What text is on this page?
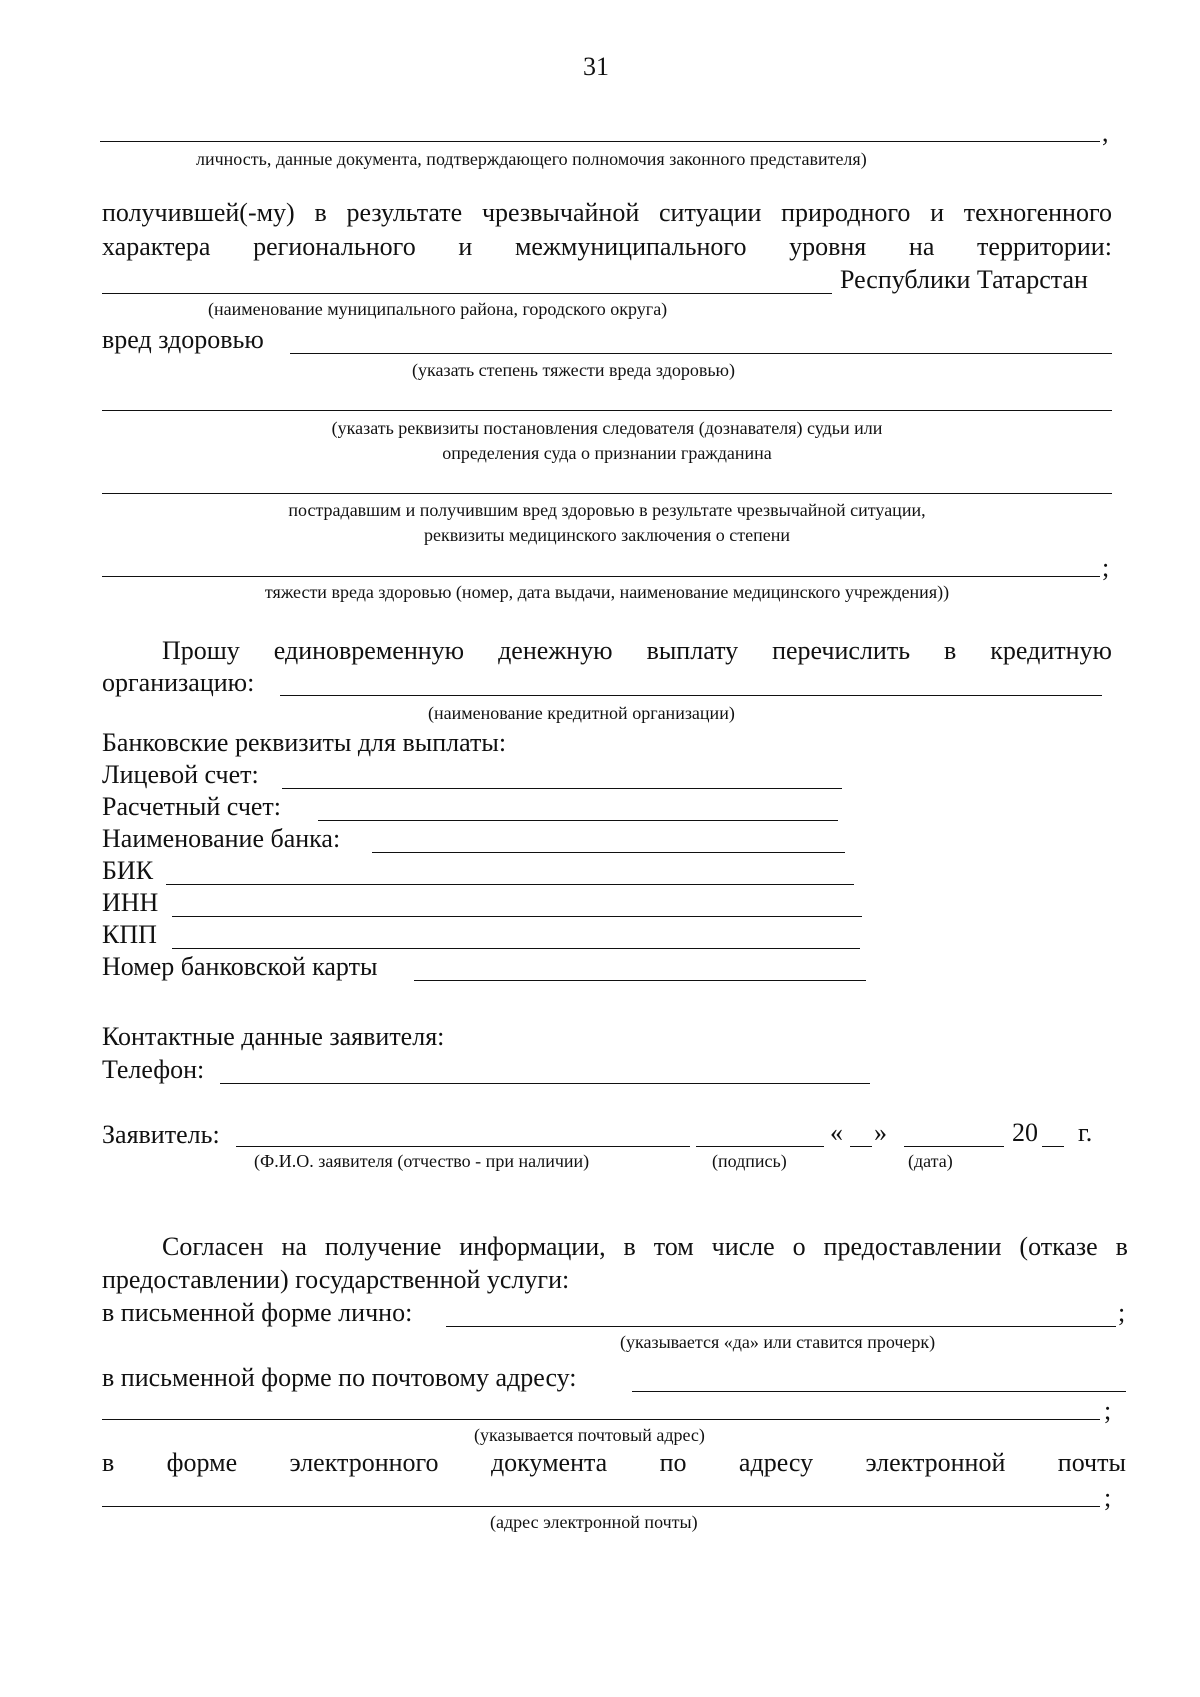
31
,
личность, данные документа, подтверждающего полномочия законного представителя)
получившей(-му) в результате чрезвычайной ситуации природного и техногенного
характера регионального и межмуниципального уровня на территории:
Республики Татарстан
(наименование муниципального района, городского округа)
вред здоровью
(указать степень тяжести вреда здоровью)
(указать реквизиты постановления следователя (дознавателя) судьи или
определения суда о признании гражданина
пострадавшим и получившим вред здоровью в результате чрезвычайной ситуации,
реквизиты медицинского заключения о степени
;
тяжести вреда здоровью (номер, дата выдачи, наименование медицинского учреждения))
Прошу единовременную денежную выплату перечислить в кредитную
организацию:
(наименование кредитной организации)
Банковские реквизиты для выплаты:
Лицевой счет:
Расчетный счет:
Наименование банка:
БИК
ИНН
КПП
Номер банковской карты
Контактные данные заявителя:
Телефон:
Заявитель:	« »	20 г.
(Ф.И.О. заявителя (отчество - при наличии)	(подпись)	(дата)
Согласен на получение информации, в том числе о предоставлении (отказе в
предоставлении) государственной услуги:
в письменной форме лично:	;
(указывается «да» или ставится прочерк)
в письменной форме по почтовому адресу:
;
(указывается почтовый адрес)
в форме электронного документа по адресу электронной почты
;
(адрес электронной почты)
